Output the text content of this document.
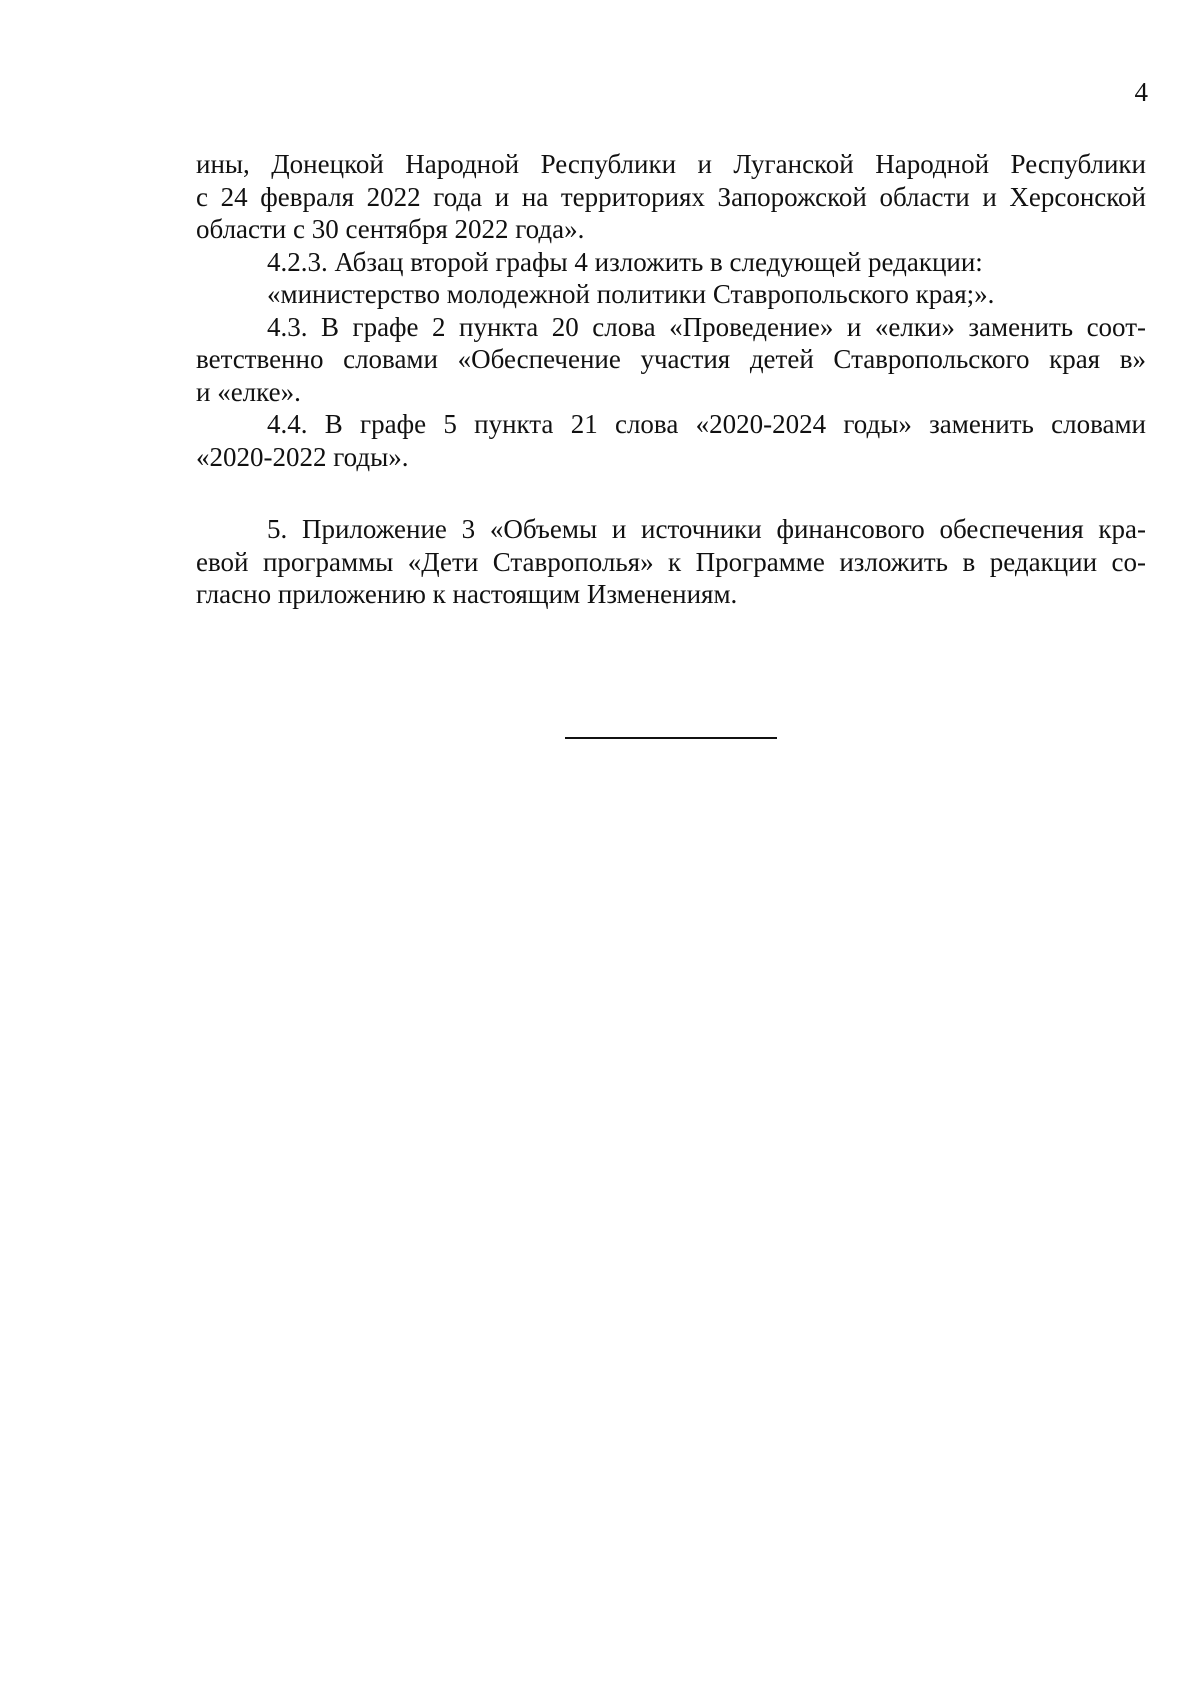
4
ины, Донецкой Народной Республики и Луганской Народной Республики
с 24 февраля 2022 года и на территориях Запорожской области и Херсонской
области с 30 сентября 2022 года».
4.2.3. Абзац второй графы 4 изложить в следующей редакции:
«министерство молодежной политики Ставропольского края;».
4.3. В графе 2 пункта 20 слова «Проведение» и «елки» заменить соот-
ветственно словами «Обеспечение участия детей Ставропольского края в»
и «елке».
4.4. В графе 5 пункта 21 слова «2020-2024 годы» заменить словами
«2020-2022 годы».
5. Приложение 3 «Объемы и источники финансового обеспечения кра-
евой программы «Дети Ставрополья» к Программе изложить в редакции со-
гласно приложению к настоящим Изменениям.
